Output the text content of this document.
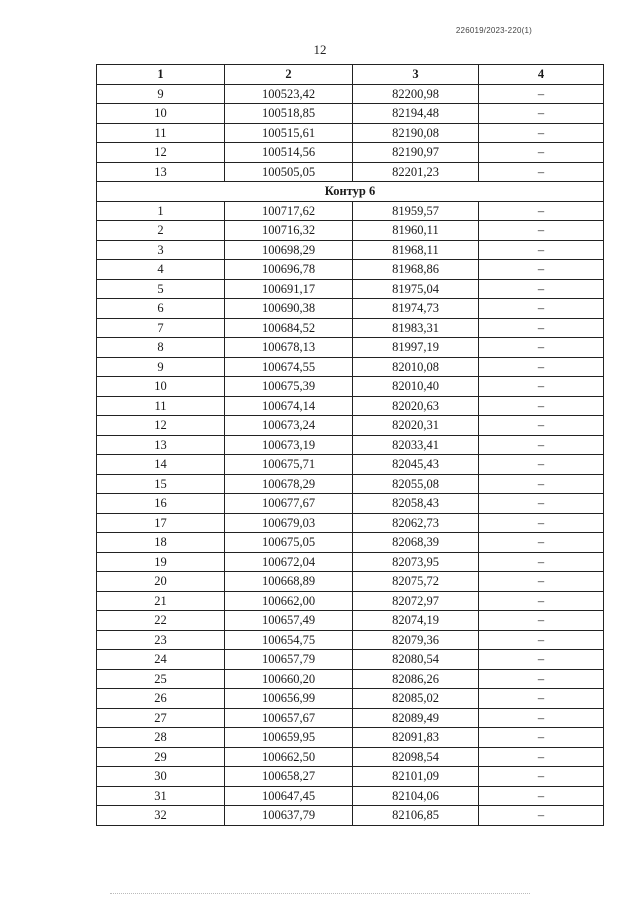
226019/2023-220(1)
12
1	2	3	4
9	100523,42	82200,98	–
10	100518,85	82194,48	–
11	100515,61	82190,08	–
12	100514,56	82190,97	–
13	100505,05	82201,23	–
Контур 6			
1	100717,62	81959,57	–
2	100716,32	81960,11	–
3	100698,29	81968,11	–
4	100696,78	81968,86	–
5	100691,17	81975,04	–
6	100690,38	81974,73	–
7	100684,52	81983,31	–
8	100678,13	81997,19	–
9	100674,55	82010,08	–
10	100675,39	82010,40	–
11	100674,14	82020,63	–
12	100673,24	82020,31	–
13	100673,19	82033,41	–
14	100675,71	82045,43	–
15	100678,29	82055,08	–
16	100677,67	82058,43	–
17	100679,03	82062,73	–
18	100675,05	82068,39	–
19	100672,04	82073,95	–
20	100668,89	82075,72	–
21	100662,00	82072,97	–
22	100657,49	82074,19	–
23	100654,75	82079,36	–
24	100657,79	82080,54	–
25	100660,20	82086,26	–
26	100656,99	82085,02	–
27	100657,67	82089,49	–
28	100659,95	82091,83	–
29	100662,50	82098,54	–
30	100658,27	82101,09	–
31	100647,45	82104,06	–
32	100637,79	82106,85	–
